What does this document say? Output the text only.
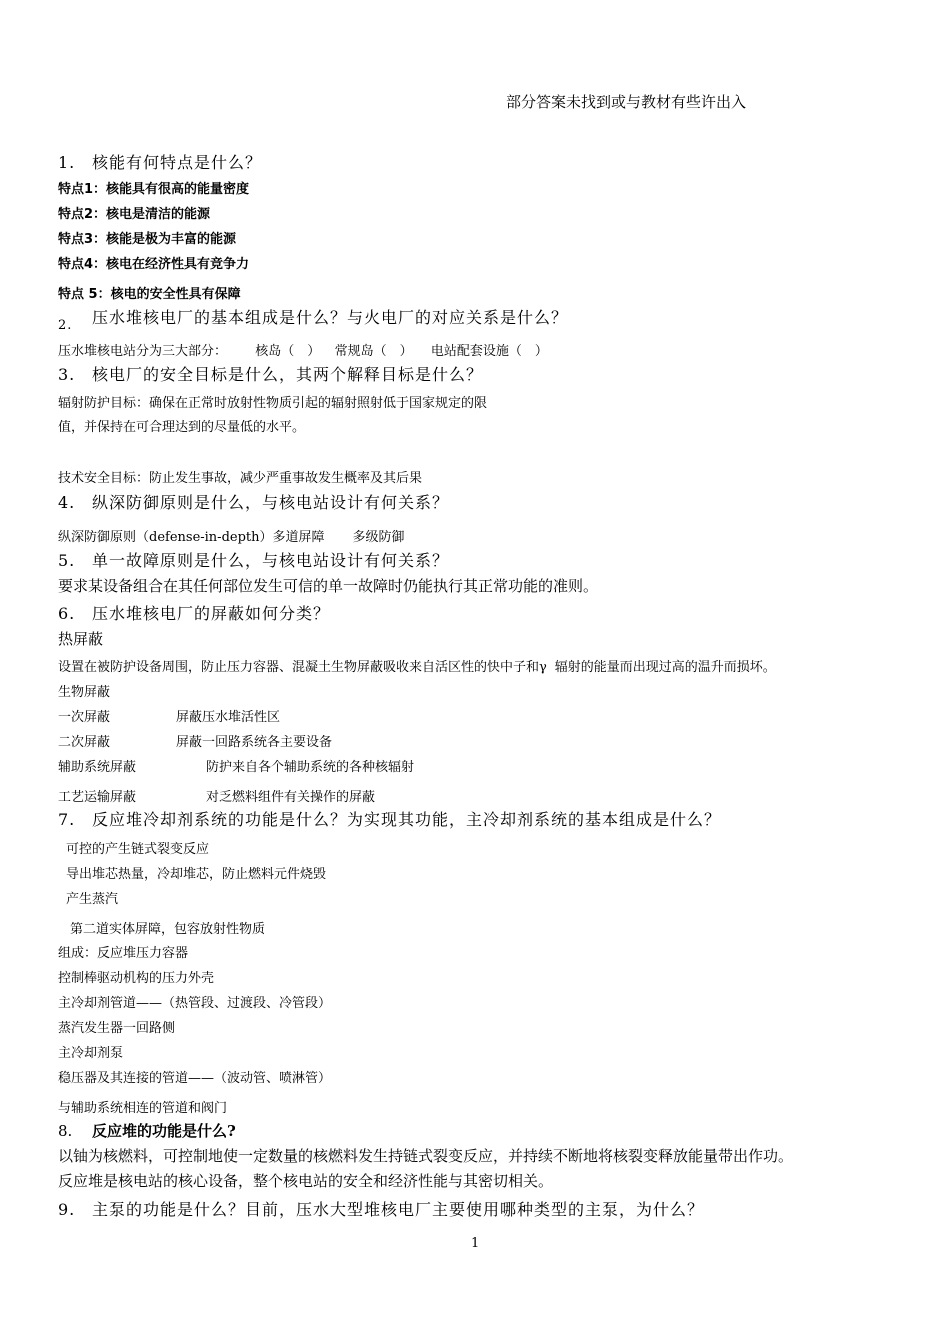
部分答案未找到或与教材有些许出入
1. 核能有何特点是什么？
特点1：核能具有很高的能量密度
特点2：核电是清洁的能源
特点3：核能是极为丰富的能源
特点4：核电在经济性具有竞争力
特点 5：核电的安全性具有保障
2. 压水堆核电厂的基本组成是什么？与火电厂的对应关系是什么？
压水堆核电站分为三大部分： 核岛（　） 常规岛（　） 电站配套设施（　）
3. 核电厂的安全目标是什么，其两个解释目标是什么？
辐射防护目标：确保在正常时放射性物质引起的辐射照射低于国家规定的限
值，并保持在可合理达到的尽量低的水平。
技术安全目标：防止发生事故，减少严重事故发生概率及其后果
4. 纵深防御原则是什么，与核电站设计有何关系？
纵深防御原则（defense-in-depth）多道屏障 多级防御
5. 单一故障原则是什么，与核电站设计有何关系？
要求某设备组合在其任何部位发生可信的单一故障时仍能执行其正常功能的准则。
6. 压水堆核电厂的屏蔽如何分类？
热屏蔽
设置在被防护设备周围，防止压力容器、混凝土生物屏蔽吸收来自活区性的快中子和γ 辐射的能量而出现过高的温升而损坏。
生物屏蔽
一次屏蔽	屏蔽压水堆活性区
二次屏蔽	屏蔽一回路系统各主要设备
辅助系统屏蔽	防护来自各个辅助系统的各种核辐射
工艺运输屏蔽	对乏燃料组件有关操作的屏蔽
7. 反应堆冷却剂系统的功能是什么？为实现其功能，主冷却剂系统的基本组成是什么？
可控的产生链式裂变反应
导出堆芯热量，冷却堆芯，防止燃料元件烧毁
产生蒸汽
第二道实体屏障，包容放射性物质
组成：反应堆压力容器
控制棒驱动机构的压力外壳
主冷却剂管道——（热管段、过渡段、冷管段）
蒸汽发生器一回路侧
主冷却剂泵
稳压器及其连接的管道——（波动管、喷淋管）
与辅助系统相连的管道和阀门
8. 反应堆的功能是什么?
以铀为核燃料，可控制地使一定数量的核燃料发生持链式裂变反应，并持续不断地将核裂变释放能量带出作功。
反应堆是核电站的核心设备，整个核电站的安全和经济性能与其密切相关。
9. 主泵的功能是什么？目前，压水大型堆核电厂主要使用哪种类型的主泵，为什么？
1
